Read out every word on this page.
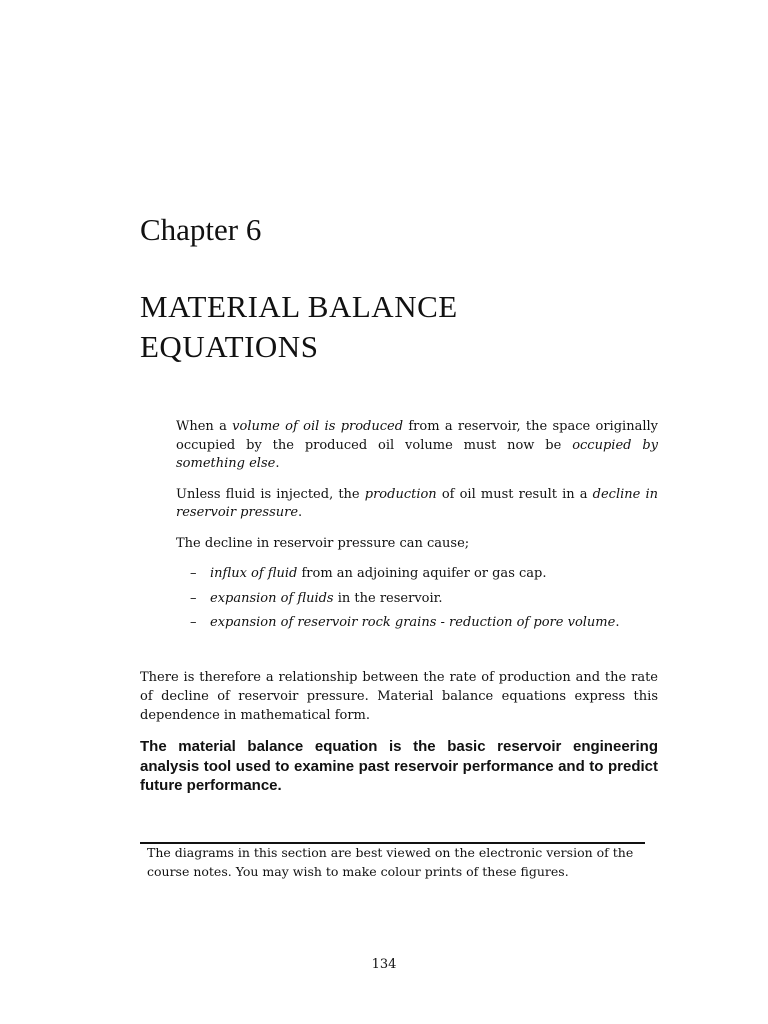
Chapter 6
MATERIAL BALANCE
EQUATIONS

When a volume of oil is produced from a reservoir, the space originally occupied by the produced oil volume must now be occupied by something else.

Unless fluid is injected, the production of oil must result in a decline in reservoir pressure.

The decline in reservoir pressure can cause;

– influx of fluid from an adjoining aquifer or gas cap.
– expansion of fluids in the reservoir.
– expansion of reservoir rock grains - reduction of pore volume.

There is therefore a relationship between the rate of production and the rate of decline of reservoir pressure. Material balance equations express this dependence in mathematical form.

The material balance equation is the basic reservoir engineering analysis tool used to examine past reservoir performance and to predict future performance.

The diagrams in this section are best viewed on the electronic version of the course notes. You may wish to make colour prints of these figures.

134
